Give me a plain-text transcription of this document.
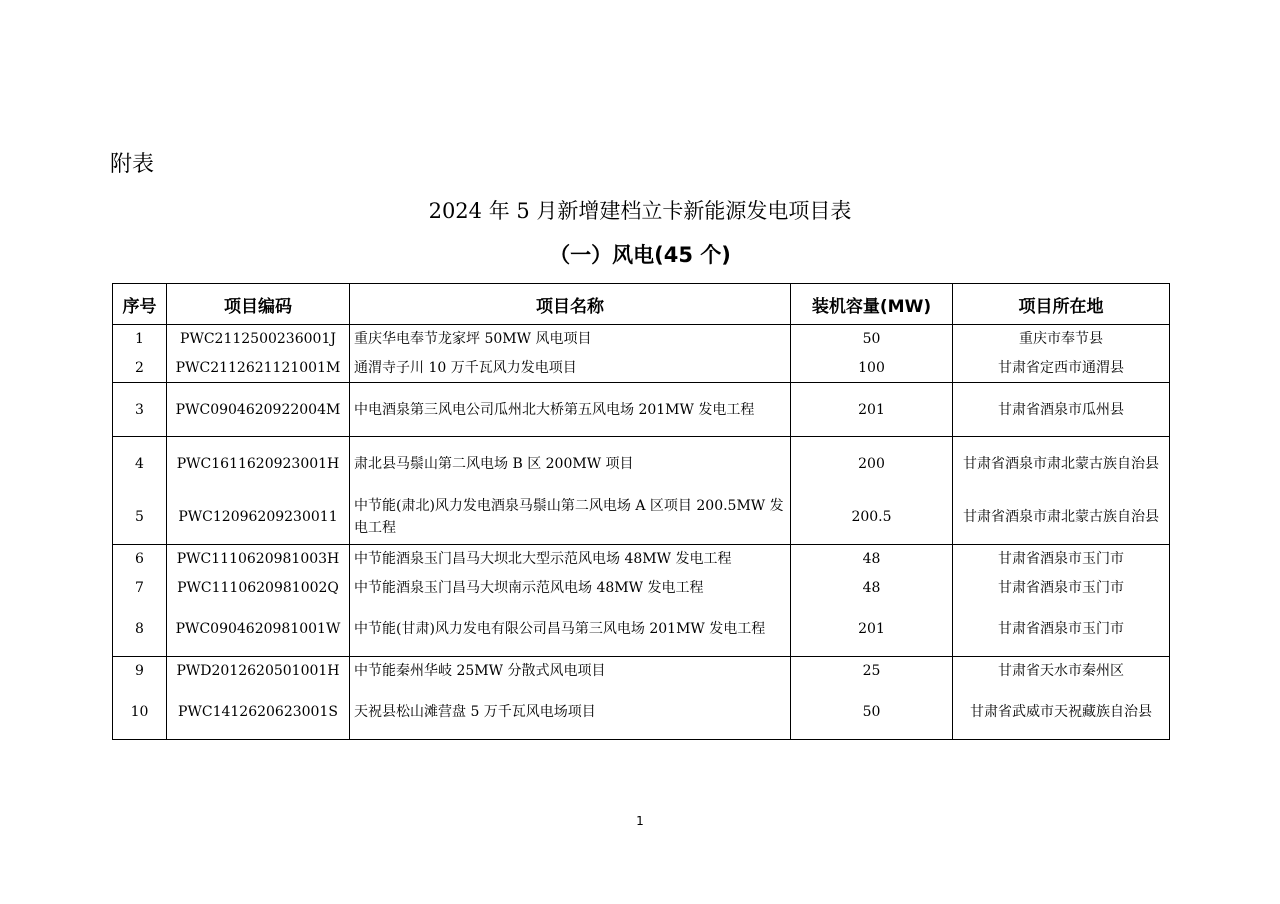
附表
2024 年 5 月新增建档立卡新能源发电项目表
（一）风电(45 个)
序号	项目编码	项目名称	装机容量(MW)	项目所在地
1	PWC2112500236001J	重庆华电奉节龙家坪 50MW 风电项目	50	重庆市奉节县
2	PWC2112621121001M	通渭寺子川 10 万千瓦风力发电项目	100	甘肃省定西市通渭县
3	PWC0904620922004M	中电酒泉第三风电公司瓜州北大桥第五风电场 201MW 发电工程	201	甘肃省酒泉市瓜州县
4	PWC1611620923001H	肃北县马鬃山第二风电场 B 区 200MW 项目	200	甘肃省酒泉市肃北蒙古族自治县
5	PWC12096209230011	中节能(肃北)风力发电酒泉马鬃山第二风电场 A 区项目 200.5MW 发电工程	200.5	甘肃省酒泉市肃北蒙古族自治县
6	PWC1110620981003H	中节能酒泉玉门昌马大坝北大型示范风电场 48MW 发电工程	48	甘肃省酒泉市玉门市
7	PWC1110620981002Q	中节能酒泉玉门昌马大坝南示范风电场 48MW 发电工程	48	甘肃省酒泉市玉门市
8	PWC0904620981001W	中节能(甘肃)风力发电有限公司昌马第三风电场 201MW 发电工程	201	甘肃省酒泉市玉门市
9	PWD2012620501001H	中节能秦州华岐 25MW 分散式风电项目	25	甘肃省天水市秦州区
10	PWC1412620623001S	天祝县松山滩营盘 5 万千瓦风电场项目	50	甘肃省武威市天祝藏族自治县

1
